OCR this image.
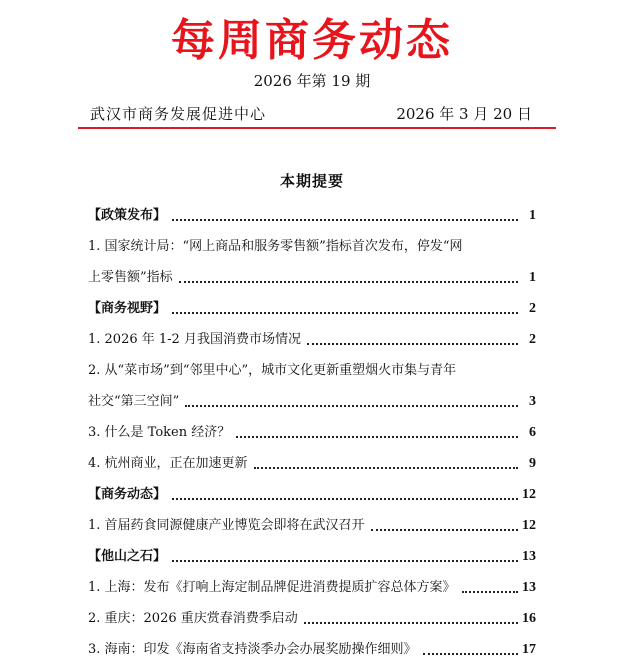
每周商务动态
2026 年第 19 期
武汉市商务发展促进中心	2026 年 3 月 20 日
本期提要
【政策发布】	1
1. 国家统计局：“网上商品和服务零售额”指标首次发布，停发“网
上零售额”指标	1
【商务视野】	2
1. 2026 年 1-2 月我国消费市场情况	2
2. 从“菜市场”到“邻里中心”，城市文化更新重塑烟火市集与青年
社交“第三空间”	3
3. 什么是 Token 经济？	6
4. 杭州商业，正在加速更新	9
【商务动态】	12
1. 首届药食同源健康产业博览会即将在武汉召开	12
【他山之石】	13
1. 上海：发布《打响上海定制品牌促进消费提质扩容总体方案》	13
2. 重庆：2026 重庆赏春消费季启动	16
3. 海南：印发《海南省支持淡季办会办展奖励操作细则》	17
